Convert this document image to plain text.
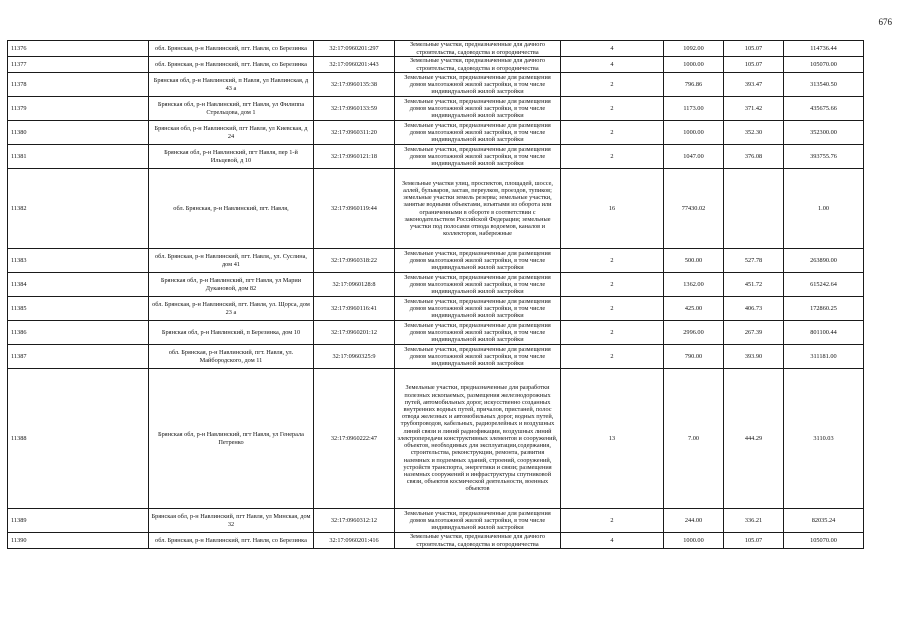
676
11376	обл. Брянская, р-н Навлинский, пгт. Навля, со Березинка	32:17:0960201:297	Земельные участки, предназначенные для дачного строительства, садоводства и огородничества	4	1092.00	105.07	114736.44
11377	обл. Брянская, р-н Навлинский, пгт. Навля, со Березинка	32:17:0960201:443	Земельные участки, предназначенные для дачного строительства, садоводства и огородничества	4	1000.00	105.07	105070.00
11378	Брянская обл, р-н Навлинский, п Навля, ул Навлинская, д 43 а	32:17:0960135:38	Земельные участки, предназначенные для размещения домов малоэтажной жилой застройки, в том числе индивидуальной жилой застройки	2	796.86	393.47	313540.50
11379	Брянская обл, р-н Навлинский, пгт Навля, ул Филиппа Стрельцова, дом 1	32:17:0960133:59	Земельные участки, предназначенные для размещения домов малоэтажной жилой застройки, в том числе индивидуальной жилой застройки	2	1173.00	371.42	435675.66
11380	Брянская обл, р-н Навлинский, пгт Навля, ул Киевская, д 24	32:17:0960311:20	Земельные участки, предназначенные для размещения домов малоэтажной жилой застройки, в том числе индивидуальной жилой застройки	2	1000.00	352.30	352300.00
11381	Брянская обл, р-н Навлинский, пгт Навля, пер 1-й Ильцевой, д 10	32:17:0960121:18	Земельные участки, предназначенные для размещения домов малоэтажной жилой застройки, в том числе индивидуальной жилой застройки	2	1047.00	376.08	393755.76
11382	обл. Брянская, р-н Навлинский, пгт. Навля,	32:17:0960119:44	Земельные участки улиц, проспектов, площадей, шоссе, аллей, бульваров, застав, переулков, проездов, тупиков; земельные участки земель резерва; земельные участки, занятые водными объектами, изъятыми из оборота или ограниченными в обороте в соответствии с законодательством Российской Федерации; земельные участки под полосами отвода водоемов, каналов и коллекторов, набережные	16	77430.02		1.00
11383	обл. Брянская, р-н Навлинский, пгт. Навля,, ул. Суслина, дом 41	32:17:0960318:22	Земельные участки, предназначенные для размещения домов малоэтажной жилой застройки, в том числе индивидуальной жилой застройки	2	500.00	527.78	263890.00
11384	Брянская обл, р-н Навлинский, пгт Навля, ул Марии Дукановой, дом 82	32:17:0960128:8	Земельные участки, предназначенные для размещения домов малоэтажной жилой застройки, в том числе индивидуальной жилой застройки	2	1362.00	451.72	615242.64
11385	обл. Брянская, р-н Навлинский, пгт. Навля, ул. Щорса, дом 23 а	32:17:0960116:41	Земельные участки, предназначенные для размещения домов малоэтажной жилой застройки, в том числе индивидуальной жилой застройки	2	425.00	406.73	172860.25
11386	Брянская обл, р-н Навлинский, п Березинка, дом 10	32:17:0960201:12	Земельные участки, предназначенные для размещения домов малоэтажной жилой застройки, в том числе индивидуальной жилой застройки	2	2996.00	267.39	801100.44
11387	обл. Брянская, р-н Навлинский, пгт. Навля, ул. Майбородского, дом 11	32:17:0960325:9	Земельные участки, предназначенные для размещения домов малоэтажной жилой застройки, в том числе индивидуальной жилой застройки	2	790.00	393.90	311181.00
11388	Брянская обл, р-н Навлинский, пгт Навля, ул Генерала Петренко	32:17:0960222:47	Земельные участки, предназначенные для разработки полезных ископаемых, размещения железнодорожных путей, автомобильных дорог, искусственно созданных внутренних водных путей, причалов, пристаней, полос отвода железных и автомобильных дорог, водных путей, трубопроводов, кабельных, радиорелейных и воздушных линий связи и линий радиофикации, воздушных линий электропередачи конструктивных элементов и сооружений, объектов, необходимых для эксплуатации,содержания, строительства, реконструкции, ремонта, развития наземных и подземных зданий, строений, сооружений, устройств транспорта, энергетики и связи; размещения наземных сооружений и инфраструктуры спутниковой связи, объектов космической деятельности, военных объектов	13	7.00	444.29	3110.03
11389	Брянская обл, р-н Навлинский, пгт Навля, ул Минская, дом 32	32:17:0960312:12	Земельные участки, предназначенные для размещения домов малоэтажной жилой застройки, в том числе индивидуальной жилой застройки	2	244.00	336.21	82035.24
11390	обл. Брянская, р-н Навлинский, пгт. Навля, со Березинка	32:17:0960201:416	Земельные участки, предназначенные для дачного строительства, садоводства и огородничества	4	1000.00	105.07	105070.00
